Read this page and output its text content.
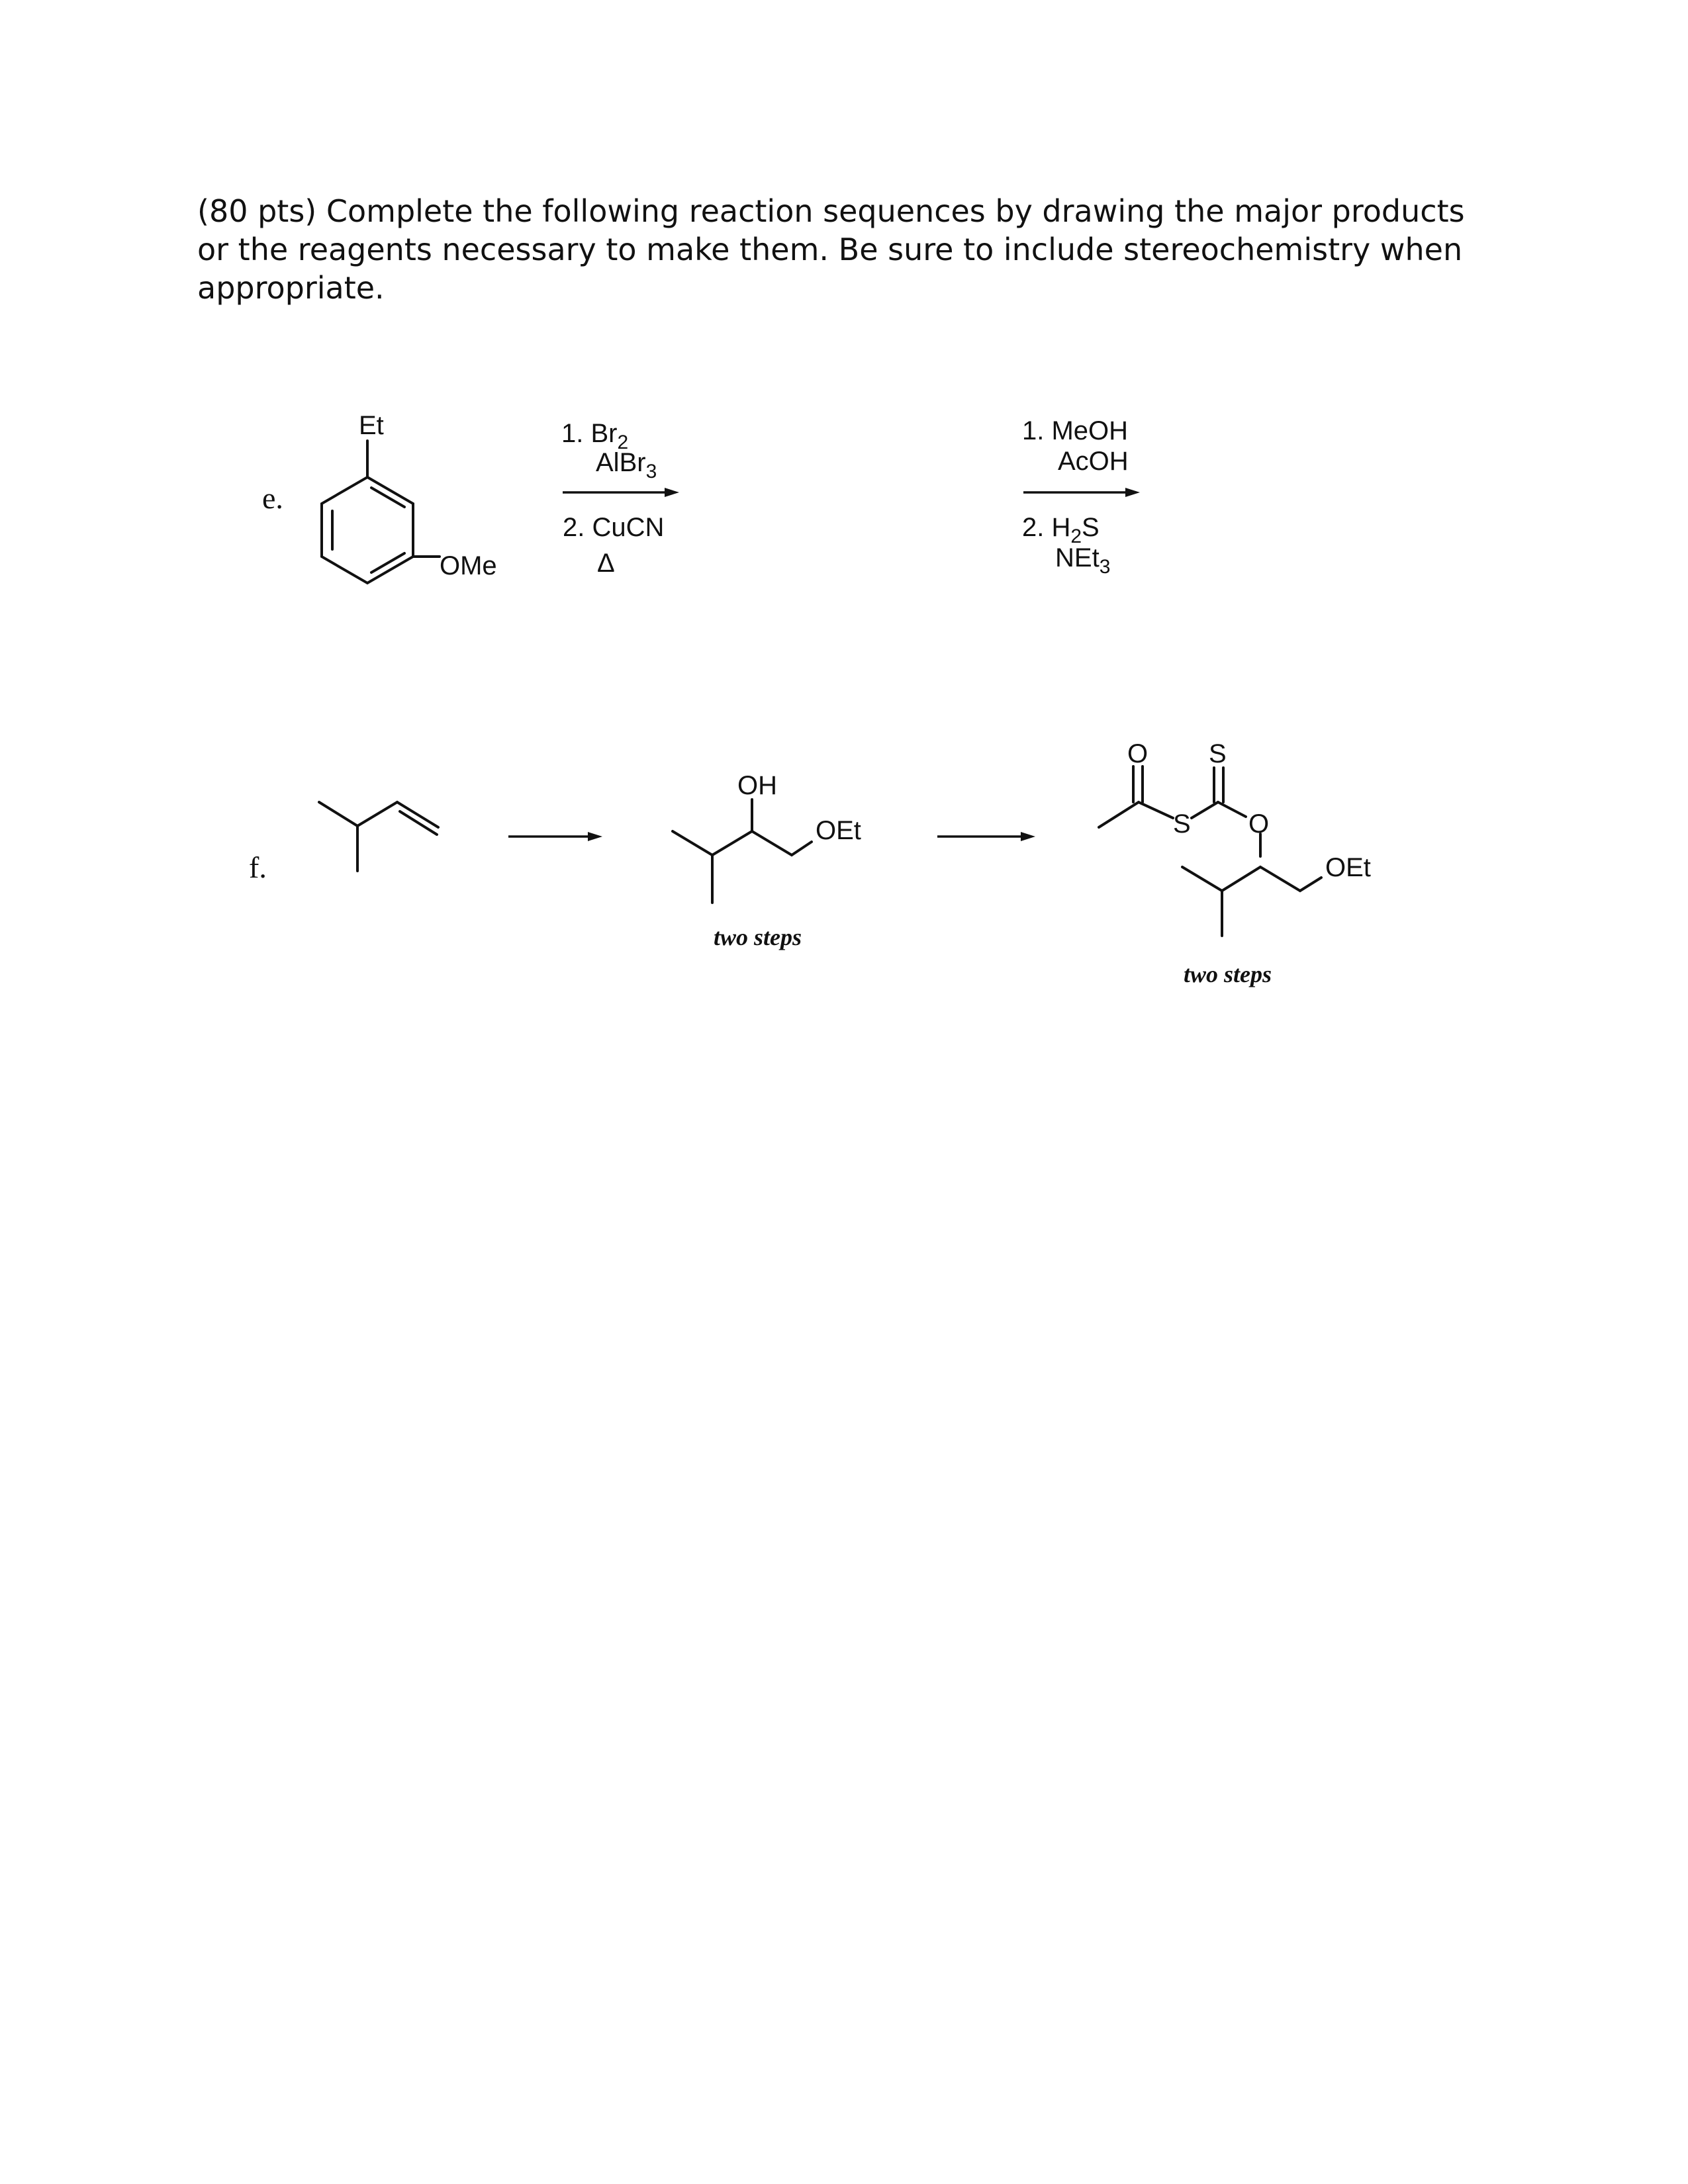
(80 pts) Complete the following reaction sequences by drawing the major products
or the reagents necessary to make them. Be sure to include stereochemistry when
appropriate.
e.
Et
OMe
1. $Br_2$
AlBr$_3$
2. CuCN
Δ
1. MeOH
AcOH
2. $H_2S$
NEt$_3$
f.
OH
OEt
two steps
O S
S O
OEt
two steps
